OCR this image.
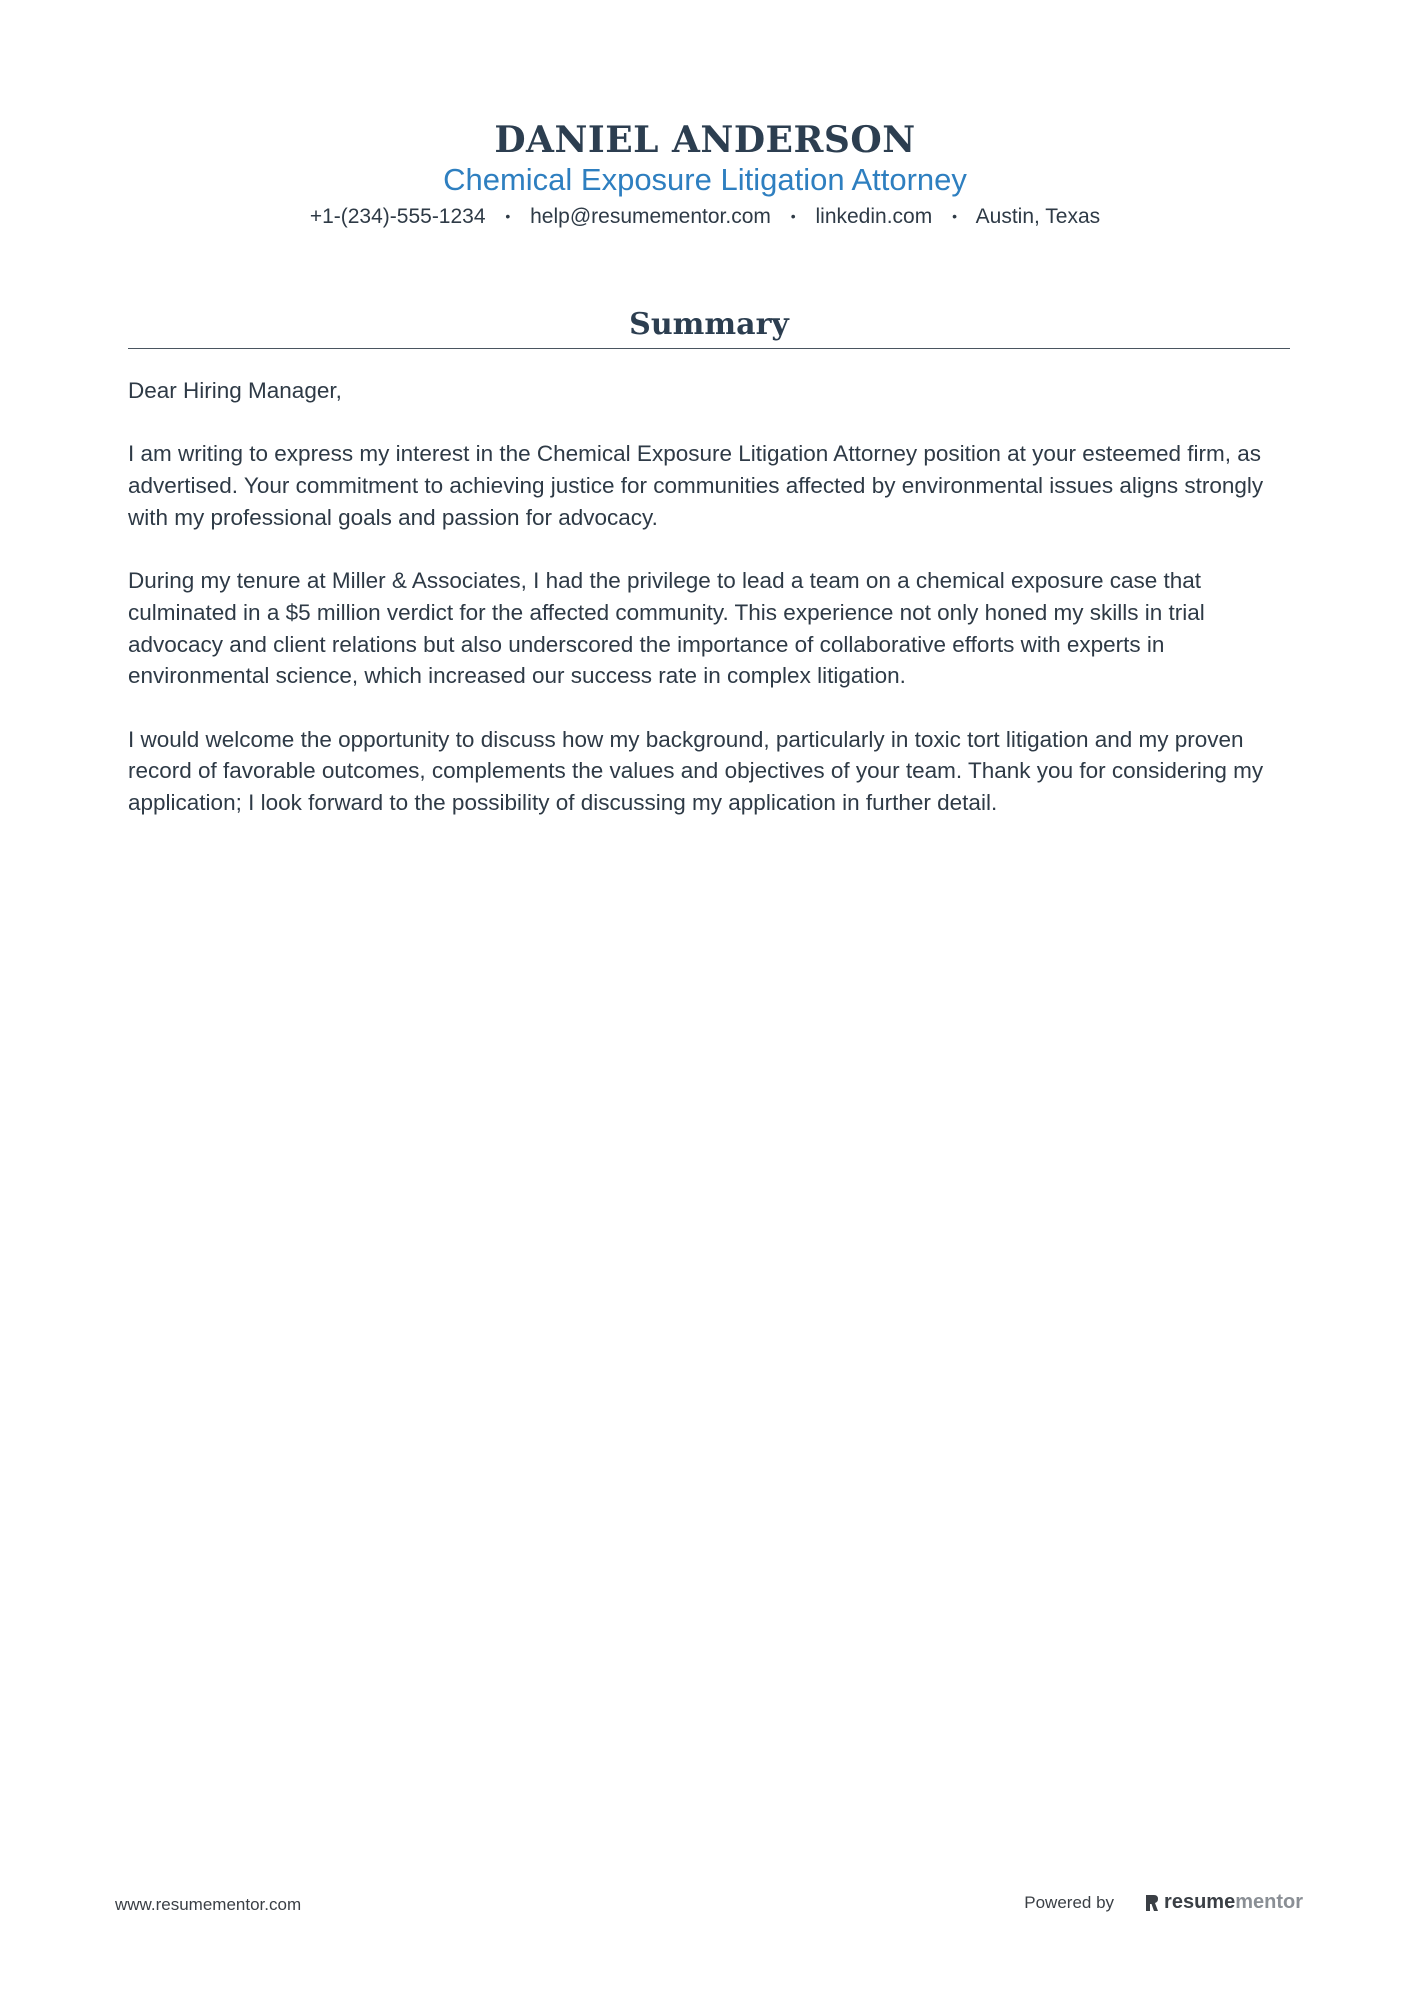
DANIEL ANDERSON
Chemical Exposure Litigation Attorney
+1-(234)-555-1234 • help@resumementor.com • linkedin.com • Austin, Texas
Summary

Dear Hiring Manager,

I am writing to express my interest in the Chemical Exposure Litigation Attorney position at your esteemed firm, as advertised. Your commitment to achieving justice for communities affected by environmental issues aligns strongly with my professional goals and passion for advocacy.

During my tenure at Miller & Associates, I had the privilege to lead a team on a chemical exposure case that culminated in a $5 million verdict for the affected community. This experience not only honed my skills in trial advocacy and client relations but also underscored the importance of collaborative efforts with experts in environmental science, which increased our success rate in complex litigation.

I would welcome the opportunity to discuss how my background, particularly in toxic tort litigation and my proven record of favorable outcomes, complements the values and objectives of your team. Thank you for considering my application; I look forward to the possibility of discussing my application in further detail.

www.resumementor.com	Powered by	resume mentor
